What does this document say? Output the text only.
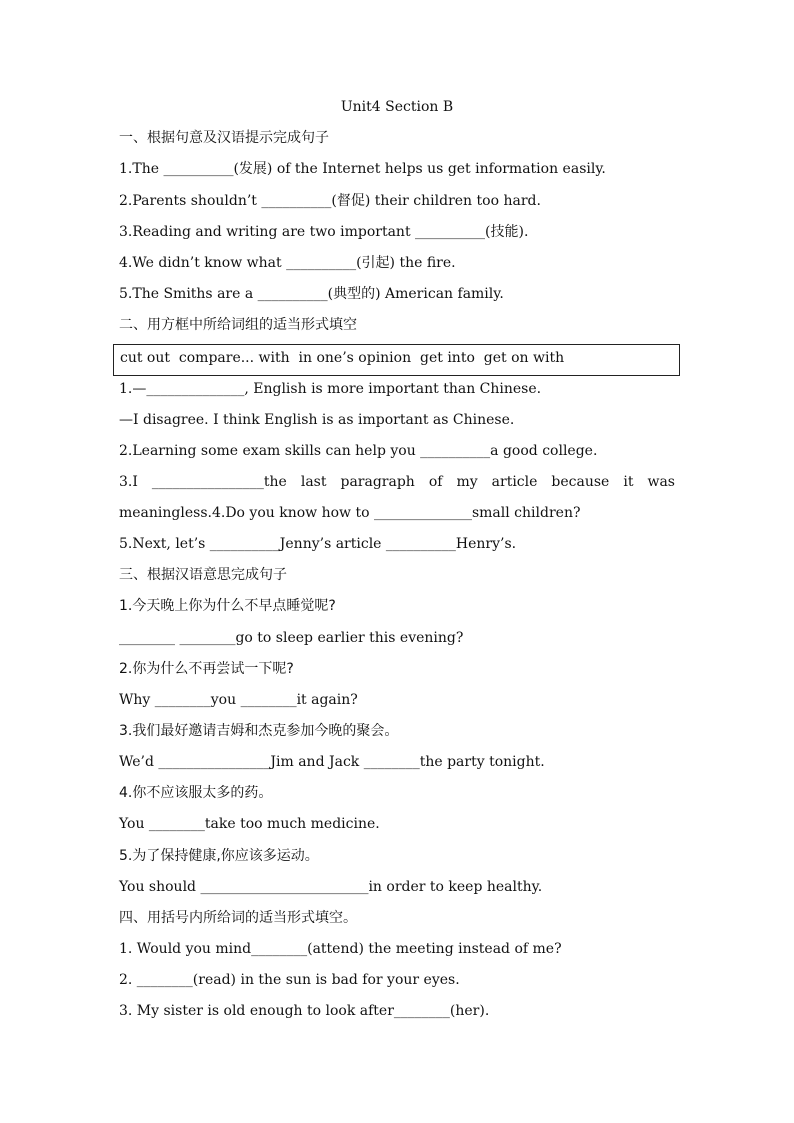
Unit4 Section B
一、根据句意及汉语提示完成句子
1.The __________(发展) of the Internet helps us get information easily.
2.Parents shouldn’t __________(督促) their children too hard.
3.Reading and writing are two important __________(技能).
4.We didn’t know what __________(引起) the fire.
5.The Smiths are a __________(典型的) American family.
二、用方框中所给词组的适当形式填空
cut out  compare... with  in one’s opinion  get into  get on with
1.—______________, English is more important than Chinese.
—I disagree. I think English is as important as Chinese.
2.Learning some exam skills can help you __________a good college.
3.I ________________the last paragraph of my article because it was
meaningless.4.Do you know how to ______________small children?
5.Next, let’s __________Jenny’s article __________Henry’s.
三、根据汉语意思完成句子
1.今天晚上你为什么不早点睡觉呢?
________ ________go to sleep earlier this evening?
2.你为什么不再尝试一下呢?
Why ________you ________it again?
3.我们最好邀请吉姆和杰克参加今晚的聚会。
We’d ________________Jim and Jack ________the party tonight.
4.你不应该服太多的药。
You ________take too much medicine.
5.为了保持健康,你应该多运动。
You should ________________________in order to keep healthy.
四、用括号内所给词的适当形式填空。
1. Would you mind________(attend) the meeting instead of me?
2. ________(read) in the sun is bad for your eyes.
3. My sister is old enough to look after________(her).
